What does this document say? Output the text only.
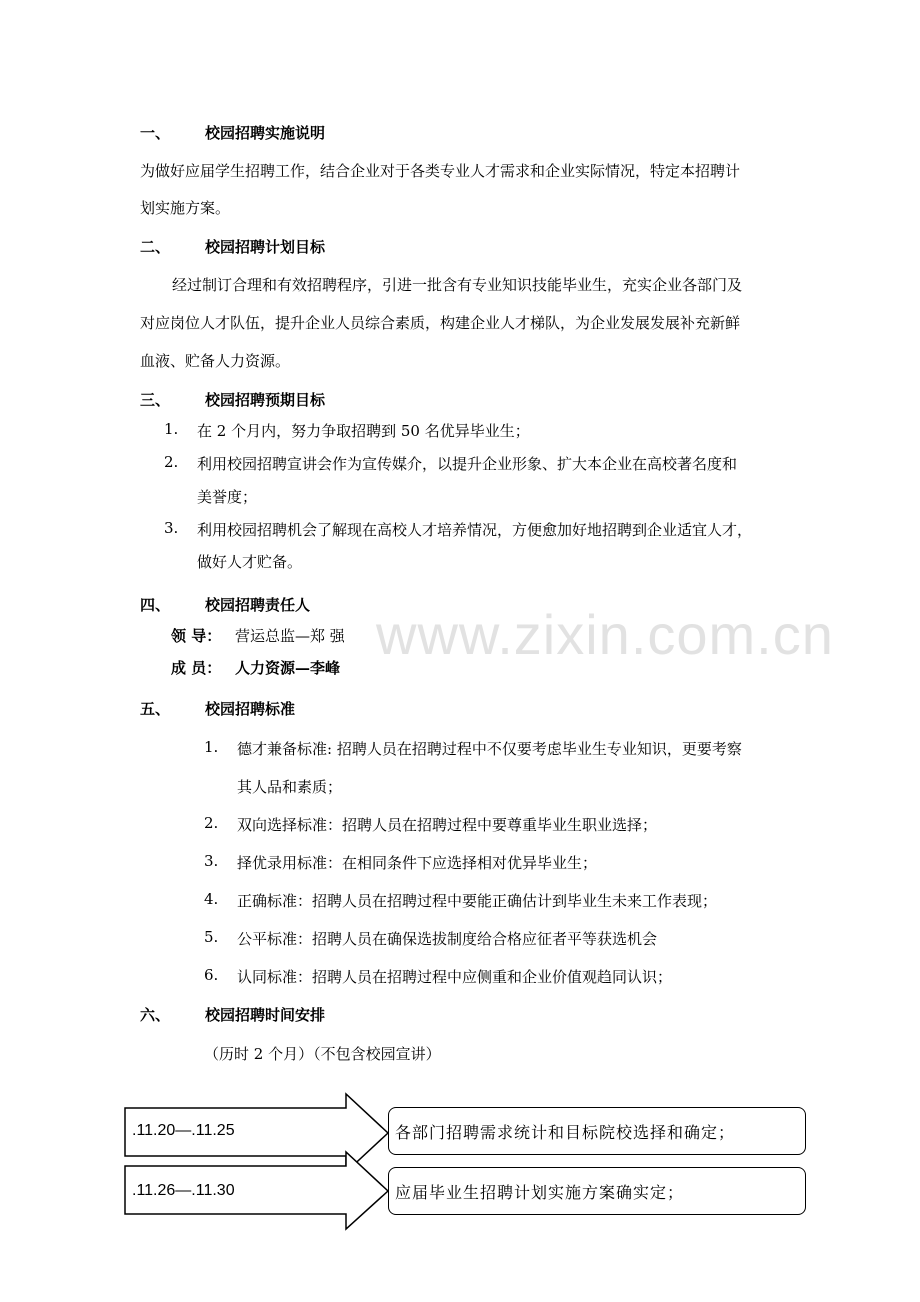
www.zixin.com.cn
一、 校园招聘实施说明
为做好应届学生招聘工作，结合企业对于各类专业人才需求和企业实际情况，特定本招聘计
划实施方案。
二、 校园招聘计划目标
经过制订合理和有效招聘程序，引进一批含有专业知识技能毕业生，充实企业各部门及
对应岗位人才队伍，提升企业人员综合素质，构建企业人才梯队，为企业发展发展补充新鲜
血液、贮备人力资源。
三、 校园招聘预期目标
1. 在 2 个月内，努力争取招聘到 50 名优异毕业生；
2. 利用校园招聘宣讲会作为宣传媒介，以提升企业形象、扩大本企业在高校著名度和
美誉度；
3. 利用校园招聘机会了解现在高校人才培养情况，方便愈加好地招聘到企业适宜人才，
做好人才贮备。
四、 校园招聘责任人
领 导： 营运总监—郑 强
成 员： 人力资源—李峰
五、 校园招聘标准
1. 德才兼备标准: 招聘人员在招聘过程中不仅要考虑毕业生专业知识，更要考察
其人品和素质；
2. 双向选择标准：招聘人员在招聘过程中要尊重毕业生职业选择；
3. 择优录用标准：在相同条件下应选择相对优异毕业生；
4. 正确标准：招聘人员在招聘过程中要能正确估计到毕业生未来工作表现；
5. 公平标准：招聘人员在确保选拔制度给合格应征者平等获选机会
6. 认同标准：招聘人员在招聘过程中应侧重和企业价值观趋同认识；
六、 校园招聘时间安排
（历时 2 个月）（不包含校园宣讲）
.11.20—.11.25
.11.26—.11.30
各部门招聘需求统计和目标院校选择和确定；
应届毕业生招聘计划实施方案确实定；
